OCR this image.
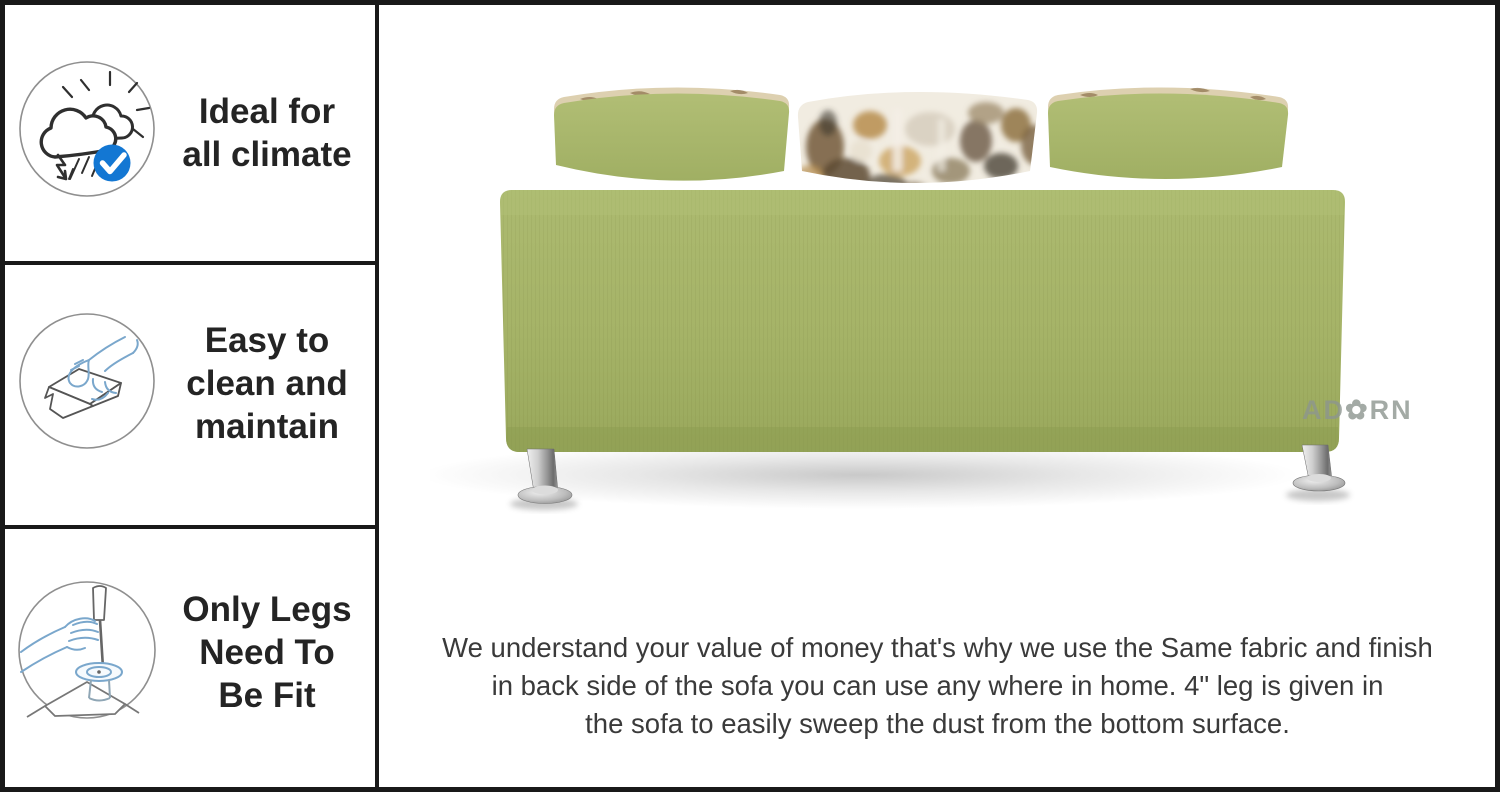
Ideal for
all climate
Easy to
clean and
maintain
Only Legs
Need To
Be Fit
AD✿RN
We understand your value of money that's why we use the Same fabric and finish
in back side of the sofa you can use any where in home. 4" leg is given in
the sofa to easily sweep the dust from the bottom surface.
